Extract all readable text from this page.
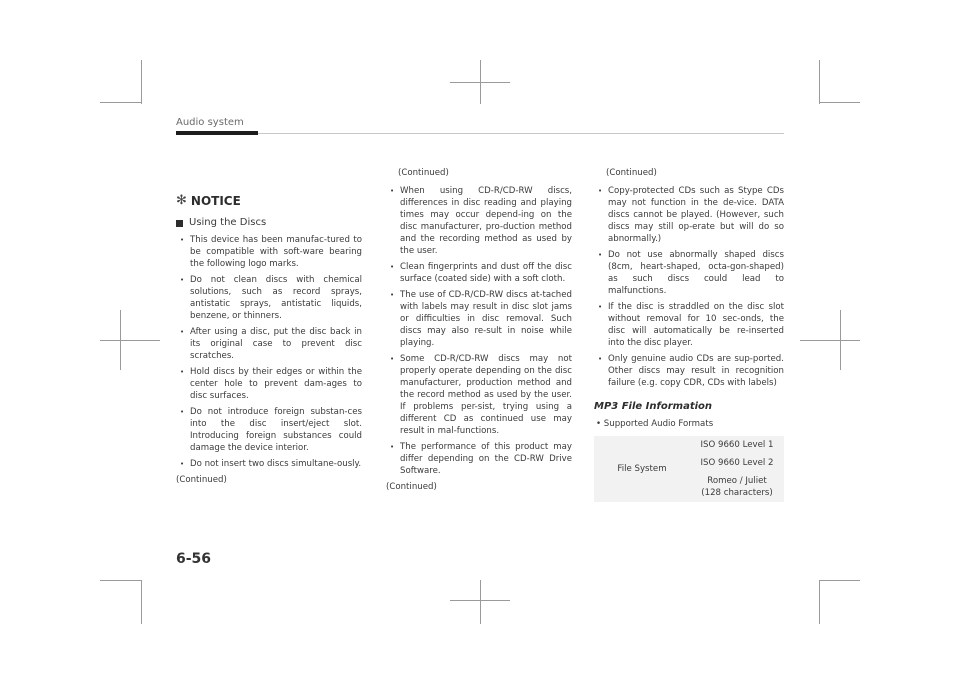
Audio system
✻ NOTICE
Using the Discs
• This device has been manufac-tured to be compatible with soft-ware bearing the following logo marks.
• Do not clean discs with chemical solutions, such as record sprays, antistatic sprays, antistatic liquids, benzene, or thinners.
• After using a disc, put the disc back in its original case to prevent disc scratches.
• Hold discs by their edges or within the center hole to prevent dam-ages to disc surfaces.
• Do not introduce foreign substan-ces into the disc insert/eject slot. Introducing foreign substances could damage the device interior.
• Do not insert two discs simultane-ously.
(Continued)
(Continued)
• When using CD-R/CD-RW discs, differences in disc reading and playing times may occur depend-ing on the disc manufacturer, pro-duction method and the recording method as used by the user.
• Clean fingerprints and dust off the disc surface (coated side) with a soft cloth.
• The use of CD-R/CD-RW discs at-tached with labels may result in disc slot jams or difficulties in disc removal. Such discs may also re-sult in noise while playing.
• Some CD-R/CD-RW discs may not properly operate depending on the disc manufacturer, production method and the record method as used by the user. If problems per-sist, trying using a different CD as continued use may result in mal-functions.
• The performance of this product may differ depending on the CD-RW Drive Software.
(Continued)
(Continued)
• Copy-protected CDs such as Stype CDs may not function in the de-vice. DATA discs cannot be played. (However, such discs may still op-erate but will do so abnormally.)
• Do not use abnormally shaped discs (8cm, heart-shaped, octa-gon-shaped) as such discs could lead to malfunctions.
• If the disc is straddled on the disc slot without removal for 10 sec-onds, the disc will automatically be re-inserted into the disc player.
• Only genuine audio CDs are sup-ported. Other discs may result in recognition failure (e.g. copy CDR, CDs with labels)
MP3 File Information
• Supported Audio Formats
File System	ISO 9660 Level 1
ISO 9660 Level 2
Romeo / Juliet
(128 characters)
6-56
